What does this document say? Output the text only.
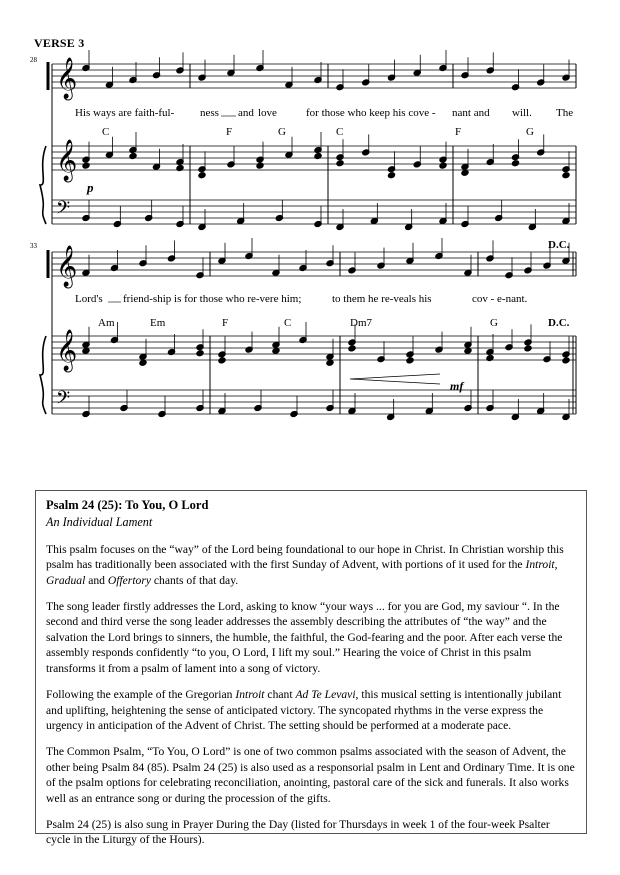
VERSE 3
𝄞
𝄞
𝄢
𝄞
𝄞
𝄢
28
33
His ways are faith-ful- ness and love	for those who keep his cove - nant and will. The
C	F	G	C	F	G
p
Lord's friend-ship is for those who re-vere him;	to them he re-veals his	cov - e-nant.
Am	Em	F	C	Dm7	G
D.C.
D.C.
mf
Psalm 24 (25): To You, O Lord
An Individual Lament

This psalm focuses on the “way” of the Lord being foundational to our hope in Christ. In Christian worship this psalm has traditionally been associated with the first Sunday of Advent, with portions of it used for the Introit, Gradual and Offertory chants of that day.

The song leader firstly addresses the Lord, asking to know “your ways ... for you are God, my saviour “. In the second and third verse the song leader addresses the assembly describing the attributes of “the way” and the salvation the Lord brings to sinners, the humble, the faithful, the God-fearing and the poor. After each verse the assembly responds confidently “to you, O Lord, I lift my soul.” Hearing the voice of Christ in this psalm transforms it from a psalm of lament into a song of victory.

Following the example of the Gregorian Introit chant Ad Te Levavi, this musical setting is intentionally jubilant and uplifting, heightening the sense of anticipated victory. The syncopated rhythms in the verse express the urgency in anticipation of the Advent of Christ. The setting should be performed at a moderate pace.

The Common Psalm, “To You, O Lord” is one of two common psalms associated with the season of Advent, the other being Psalm 84 (85). Psalm 24 (25) is also used as a responsorial psalm in Lent and Ordinary Time. It is one of the psalm options for celebrating reconciliation, anointing, pastoral care of the sick and funerals. It also works well as an entrance song or during the procession of the gifts.

Psalm 24 (25) is also sung in Prayer During the Day (listed for Thursdays in week 1 of the four-week Psalter cycle in the Liturgy of the Hours).
